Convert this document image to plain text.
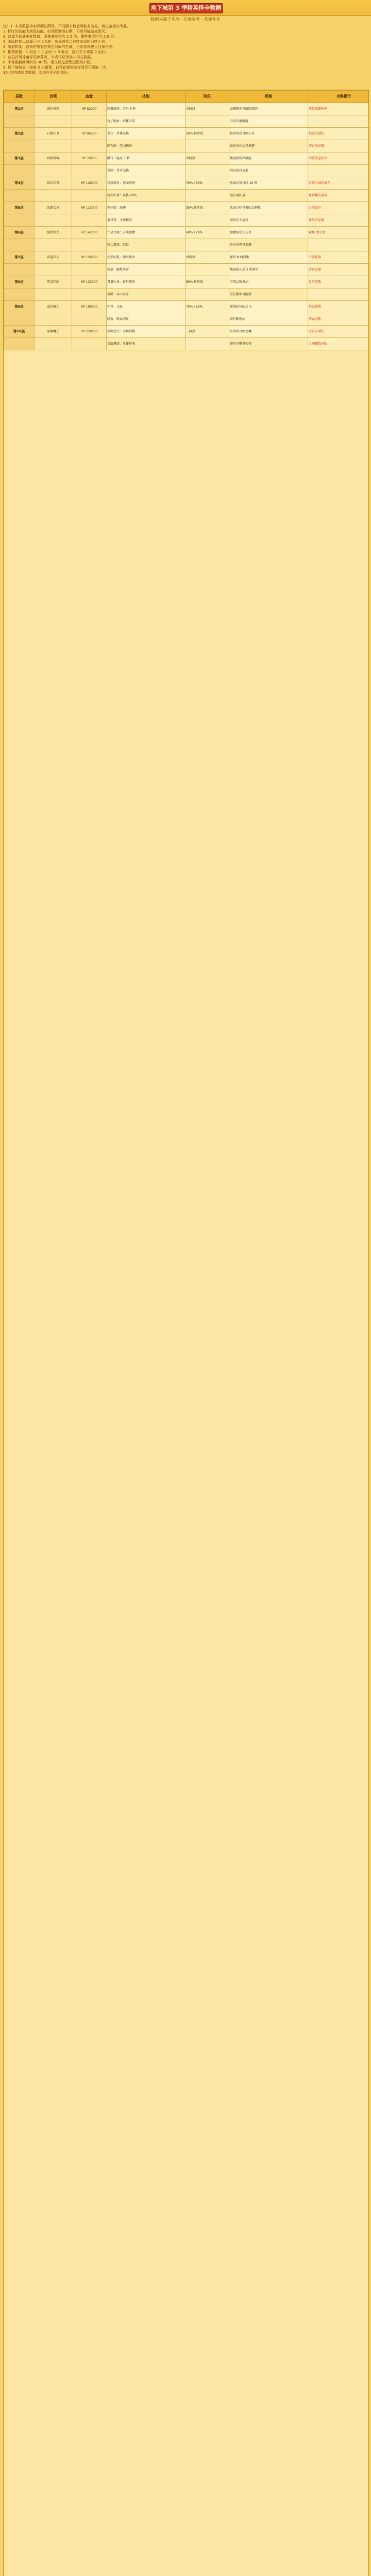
地下城第 3 季精英怪全数据
数据来源于实测 · 仅供参考 · 欢迎补充
注：1. 本表数据为实际测试所得，不同版本数值可能有差异，请以游戏内为准。
2. 标红的技能为高危技能，必须躲避或打断，否则可能造成团灭。
3. 血量为普通难度数值，困难难度约为 1.5 倍，噩梦难度约为 2.5 倍。
4. 阶段转换以血量百分比为准，部分首领会在转阶段时召唤小怪。
5. 破盾机制：首领护盾需在规定时间内打破，否则首领进入狂暴状态。
6. 推荐配置：1 坦克 + 1 治疗 + 3 输出，部分关卡需要 2 治疗。
7. 各层首领掉落详见掉落表，本表仅记录战斗相关数据。
8. 小怪刷新间隔约为 30 秒，建议优先清理远程类小怪。
9. 地下城每周一凌晨 5 点重置，首领首通奖励每周仅可领取一次。
10. 如有错误或遗漏，欢迎在评论区指出。
层数	首领	血量	技能	阶段	机制	攻略提示
第1层	腐化树精	HP 82000	藤蔓缠绕：定身 3 秒	单阶段	击破根须可解除缠绕	注意躲避地刺
			孢子喷射：群体中毒		中毒可被驱散	
第2层	石像守卫	HP 96500	重击：单体高伤	50% 转阶段	转阶段后召唤石块	坦克开减伤
			碎石雨：范围伤害		站在石柱后可规避	碎石雨必躲
第3层	暗影刺客	HP 74800	潜行：隐身 5 秒	单阶段	使用照明弹破隐	治疗注意站位
			背刺：背后高伤		坦克保持仇恨	
第4层	熔岩巨兽	HP 128000	岩浆喷发：地面灼烧	70% / 30%	地面岩浆持续 10 秒	岩浆区域必离开
			熔火护盾：减伤 80%		需打破护盾	保留爆发破盾
第5层	冰霜女巫	HP 115000	寒冰箭：减速	50% 转阶段	冰冻目标可被队友解救	分散站位
			暴风雪：全场伤害		需站在火盆旁	暴风雪必躲
第6层	骸骨领主	HP 142000	亡灵召唤：召唤骷髅	60% / 20%	骷髅需优先击杀	AOE 清小怪
			死亡凝视：恐惧		背对首领可规避	
第7层	雷霆巨人	HP 156000	连锁闪电：弹射伤害	单阶段	保持 8 码间距	不要扎堆
			雷暴：随机落雷		地面提示后 2 秒落雷	落雷必躲
第8层	毒沼巨蛙	HP 133000	毒液吐息：锥形伤害	50% 转阶段	中毒层数叠加	及时驱散
			吞噬：吞入玩家		击打腹部可解救	
第9层	血色骑士	HP 168000	冲锋：击退	75% / 25%	靠墙站位防击飞	坦克靠墙
			嗜血：吸血回复		需打断施法	嗜血必断
第10层	深渊魔王	HP 250000	深渊之火：全场灼烧	三阶段	每阶段召唤恶魔	全员开减伤
			灵魂撕裂：单体秒杀		需坦克嘲讽转移	灵魂撕裂必防
